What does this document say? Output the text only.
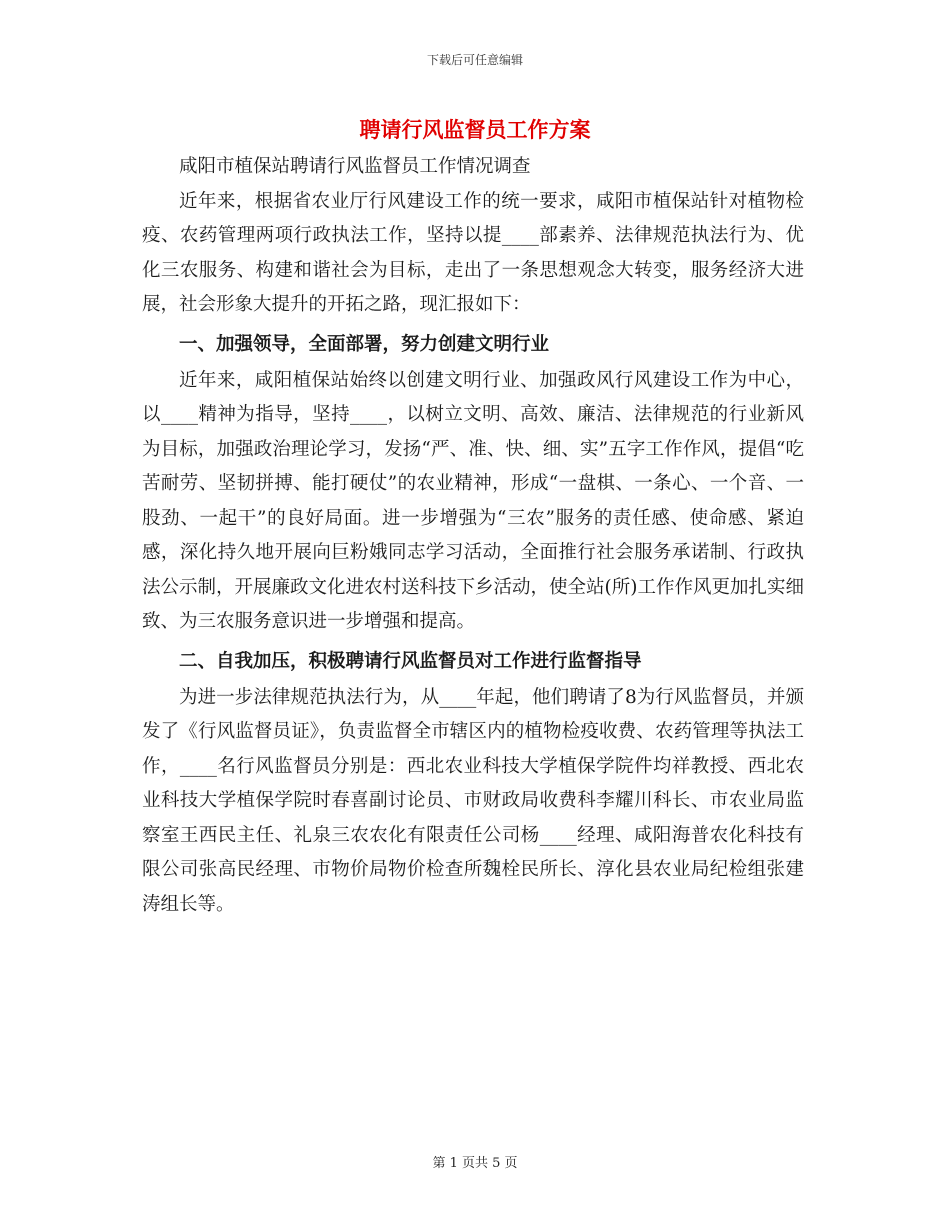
下载后可任意编辑
聘请行风监督员工作方案

咸阳市植保站聘请行风监督员工作情况调查

近年来，根据省农业厅行风建设工作的统一要求，咸阳市植保站针对植物检疫、农药管理两项行政执法工作，坚持以提____部素养、法律规范执法行为、优化三农服务、构建和谐社会为目标，走出了一条思想观念大转变，服务经济大进展，社会形象大提升的开拓之路，现汇报如下：

一、加强领导，全面部署，努力创建文明行业

近年来，咸阳植保站始终以创建文明行业、加强政风行风建设工作为中心，以____精神为指导，坚持____，以树立文明、高效、廉洁、法律规范的行业新风为目标，加强政治理论学习，发扬“严、准、快、细、实”五字工作作风，提倡“吃苦耐劳、坚韧拼搏、能打硬仗”的农业精神，形成“一盘棋、一条心、一个音、一股劲、一起干”的良好局面。进一步增强为“三农”服务的责任感、使命感、紧迫感，深化持久地开展向巨粉娥同志学习活动，全面推行社会服务承诺制、行政执法公示制，开展廉政文化进农村送科技下乡活动，使全站(所)工作作风更加扎实细致、为三农服务意识进一步增强和提高。

二、自我加压，积极聘请行风监督员对工作进行监督指导

为进一步法律规范执法行为，从____年起，他们聘请了8为行风监督员，并颁发了《行风监督员证》，负责监督全市辖区内的植物检疫收费、农药管理等执法工作，____名行风监督员分别是：西北农业科技大学植保学院件均祥教授、西北农业科技大学植保学院时春喜副讨论员、市财政局收费科李耀川科长、市农业局监察室王西民主任、礼泉三农农化有限责任公司杨____经理、咸阳海普农化科技有限公司张高民经理、市物价局物价检查所魏栓民所长、淳化县农业局纪检组张建涛组长等。

第 1 页共 5 页
